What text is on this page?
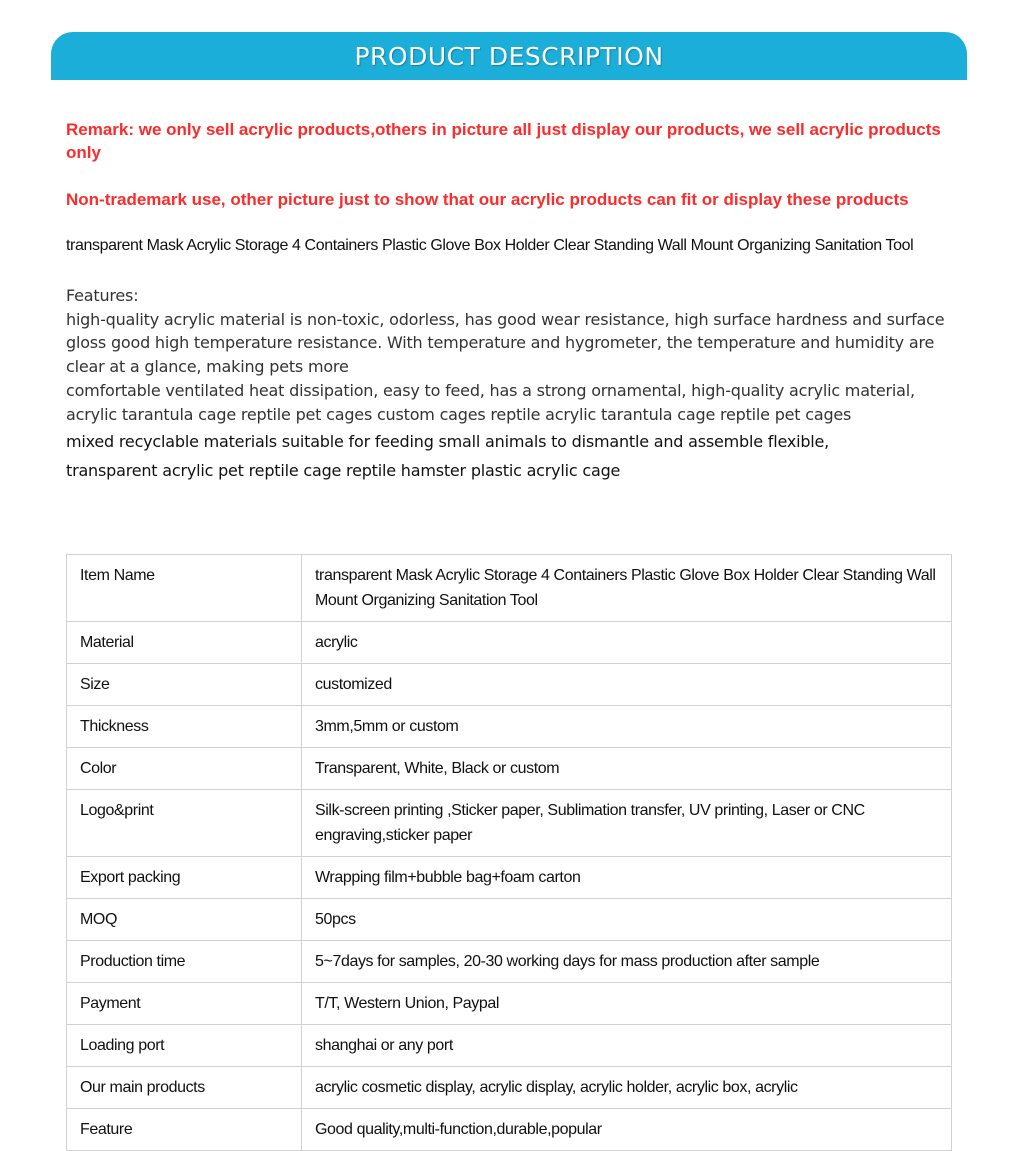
PRODUCT DESCRIPTION

Remark: we only sell acrylic products,others in picture all just display our products, we sell acrylic products only

Non-trademark use, other picture just to show that our acrylic products can fit or display these products

transparent Mask Acrylic Storage 4 Containers Plastic Glove Box Holder Clear Standing Wall Mount Organizing Sanitation Tool
Features:
high-quality acrylic material is non-toxic, odorless, has good wear resistance, high surface hardness and surface gloss good high temperature resistance. With temperature and hygrometer, the temperature and humidity are clear at a glance, making pets more
comfortable ventilated heat dissipation, easy to feed, has a strong ornamental, high-quality acrylic material, acrylic tarantula cage reptile pet cages custom cages reptile acrylic tarantula cage reptile pet cages
mixed recyclable materials suitable for feeding small animals to dismantle and assemble flexible,
transparent acrylic pet reptile cage reptile hamster plastic acrylic cage
Item Name	transparent Mask Acrylic Storage 4 Containers Plastic Glove Box Holder Clear Standing Wall Mount Organizing Sanitation Tool
Material	acrylic
Size	customized
Thickness	3mm,5mm or custom
Color	Transparent, White, Black or custom
Logo&print	Silk-screen printing ,Sticker paper, Sublimation transfer, UV printing, Laser or CNC engraving,sticker paper
Export packing	Wrapping film+bubble bag+foam carton
MOQ	50pcs
Production time	5~7days for samples, 20-30 working days for mass production after sample
Payment	T/T, Western Union, Paypal
Loading port	shanghai or any port
Our main products	acrylic cosmetic display, acrylic display, acrylic holder, acrylic box, acrylic
Feature	Good quality,multi-function,durable,popular
